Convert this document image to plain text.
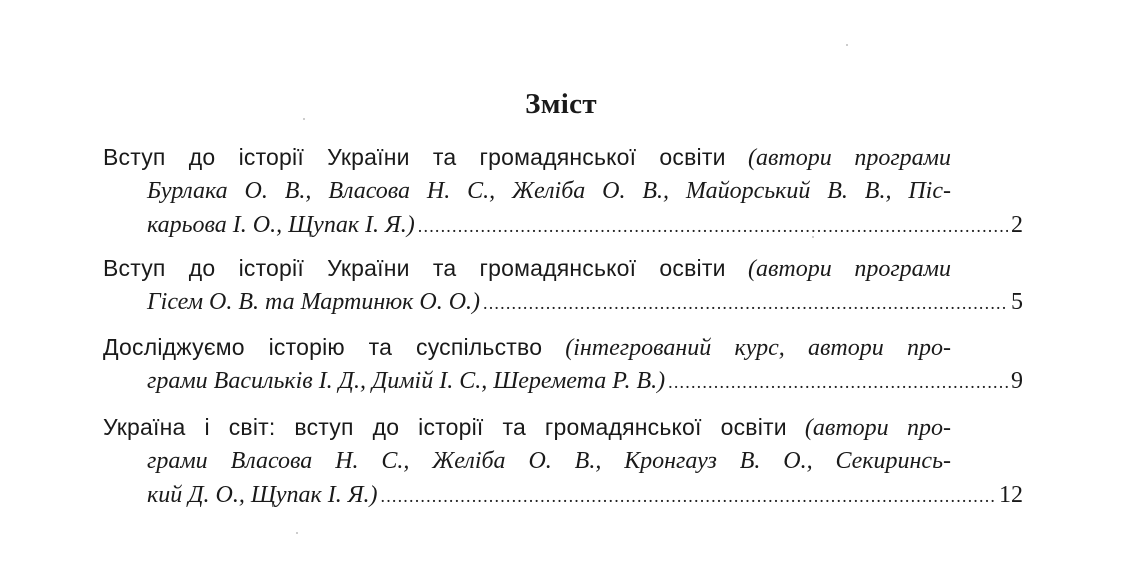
Зміст
Вступ до історії України та громадянської освіти (автори програми
Бурлака О. В., Власова Н. С., Желіба О. В., Майорський В. В., Піс-
карьова І. О., Щупак І. Я.) .....	2
Вступ до історії України та громадянської освіти (автори програми
Гісем О. В. та Мартинюк О. О.) .....	5
Досліджуємо історію та суспільство (інтегрований курс, автори про-
грами Васильків І. Д., Димій І. С., Шеремета Р. В.) .....	9
Україна і світ: вступ до історії та громадянської освіти (автори про-
грами Власова Н. С., Желіба О. В., Кронгауз В. О., Секиринсь-
кий Д. О., Щупак І. Я.) .....	12
